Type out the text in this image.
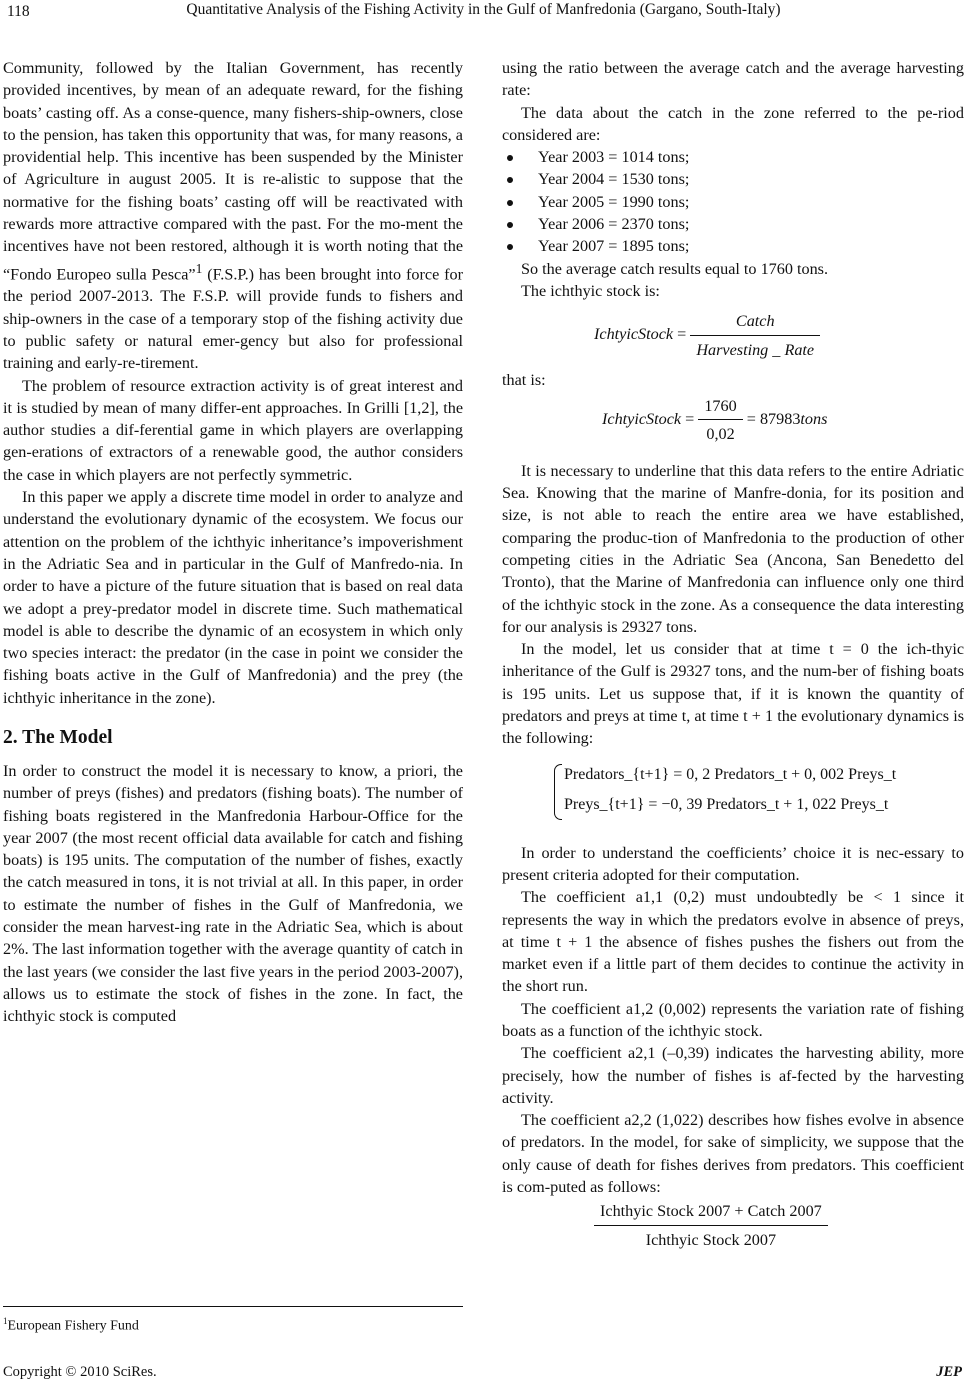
118	Quantitative Analysis of the Fishing Activity in the Gulf of Manfredonia (Gargano, South-Italy)

Community, followed by the Italian Government, has recently provided incentives, by mean of an adequate reward, for the fishing boats’ casting off. As a conse-quence, many fishers-ship-owners, close to the pension, has taken this opportunity that was, for many reasons, a providential help. This incentive has been suspended by the Minister of Agriculture in august 2005. It is re-alistic to suppose that the normative for the fishing boats’ casting off will be reactivated with rewards more attractive compared with the past. For the mo-ment the incentives have not been restored, although it is worth noting that the “Fondo Europeo sulla Pesca”$^1$ (F.S.P.) has been brought into force for the period 2007-2013. The F.S.P. will provide funds to fishers and ship-owners in the case of a temporary stop of the fishing activity due to public safety or natural emer-gency but also for professional training and early-re-tirement.

The problem of resource extraction activity is of great interest and it is studied by mean of many differ-ent approaches. In Grilli [1,2], the author studies a dif-ferential game in which players are overlapping gen-erations of extractors of a renewable good, the author considers the case in which players are not perfectly symmetric.

In this paper we apply a discrete time model in order to analyze and understand the evolutionary dynamic of the ecosystem. We focus our attention on the problem of the ichthyic inheritance’s impoverishment in the Adriatic Sea and in particular in the Gulf of Manfredo-nia. In order to have a picture of the future situation that is based on real data we adopt a prey-predator model in discrete time. Such mathematical model is able to describe the dynamic of an ecosystem in which only two species interact: the predator (in the case in point we consider the fishing boats active in the Gulf of Manfredonia) and the prey (the ichthyic inheritance in the zone).

2. The Model

In order to construct the model it is necessary to know, a priori, the number of preys (fishes) and predators (fishing boats). The number of fishing boats registered in the Manfredonia Harbour-Office for the year 2007 (the most recent official data available for catch and fishing boats) is 195 units. The computation of the number of fishes, exactly the catch measured in tons, it is not trivial at all. In this paper, in order to estimate the number of fishes in the Gulf of Manfredonia, we consider the mean harvest-ing rate in the Adriatic Sea, which is about 2%. The last information together with the average quantity of catch in the last years (we consider the last five years in the period 2003-2007), allows us to estimate the stock of fishes in the zone. In fact, the ichthyic stock is computed

using the ratio between the average catch and the average harvesting rate:

The data about the catch in the zone referred to the pe-riod considered are:

Year 2003 = 1014 tons;
Year 2004 = 1530 tons;
Year 2005 = 1990 tons;
Year 2006 = 2370 tons;
Year 2007 = 1895 tons;

So the average catch results equal to 1760 tons.

The ichthyic stock is:

IchtyicStock = $\frac{\text{Catch}}{\text{Harvesting \_ Rate}}$

that is:

IchtyicStock = $\frac{1760}{0,02}$ = 87983tons

It is necessary to underline that this data refers to the entire Adriatic Sea. Knowing that the marine of Manfre-donia, for its position and size, is not able to reach the entire area we have established, comparing the produc-tion of Manfredonia to the production of other competing cities in the Adriatic Sea (Ancona, San Benedetto del Tronto), that the Marine of Manfredonia can influence only one third of the ichthyic stock in the zone. As a consequence the data interesting for our analysis is 29327 tons.

In the model, let us consider that at time t = 0 the ich-thyic inheritance of the Gulf is 29327 tons, and the num-ber of fishing boats is 195 units. Let us suppose that, if it is known the quantity of predators and preys at time t, at time t + 1 the evolutionary dynamics is the following:

Predators_{t+1} = 0, 2 Predators_t + 0, 002 Preys_t
Preys_{t+1} = −0, 39 Predators_t + 1, 022 Preys_t

In order to understand the coefficients’ choice it is nec-essary to present criteria adopted for their computation.

The coefficient a1,1 (0,2) must undoubtedly be < 1 since it represents the way in which the predators evolve in absence of preys, at time t + 1 the absence of fishes pushes the fishers out from the market even if a little part of them decides to continue the activity in the short run.

The coefficient a1,2 (0,002) represents the variation rate of fishing boats as a function of the ichthyic stock.

The coefficient a2,1 (–0,39) indicates the harvesting ability, more precisely, how the number of fishes is af-fected by the harvesting activity.

The coefficient a2,2 (1,022) describes how fishes evolve in absence of predators. In the model, for sake of simplicity, we suppose that the only cause of death for fishes derives from predators. This coefficient is com-puted as follows:

$\frac{\text{Ichthyic Stock 2007 + Catch 2007}}{\text{Ichthyic Stock 2007}}$
$^1$European Fishery Fund
Copyright © 2010 SciRes.	JEP
